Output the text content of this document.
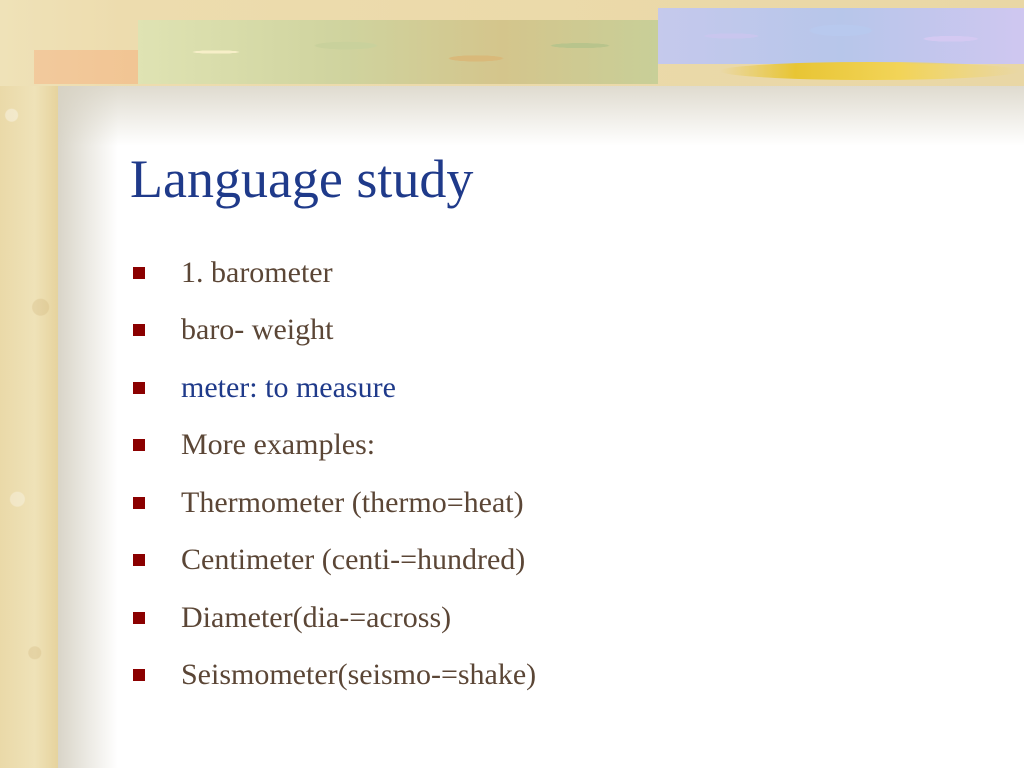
Language study
1. barometer
baro- weight
meter: to measure
More examples:
Thermometer (thermo=heat)
Centimeter (centi-=hundred)
Diameter(dia-=across)
Seismometer(seismo-=shake)
